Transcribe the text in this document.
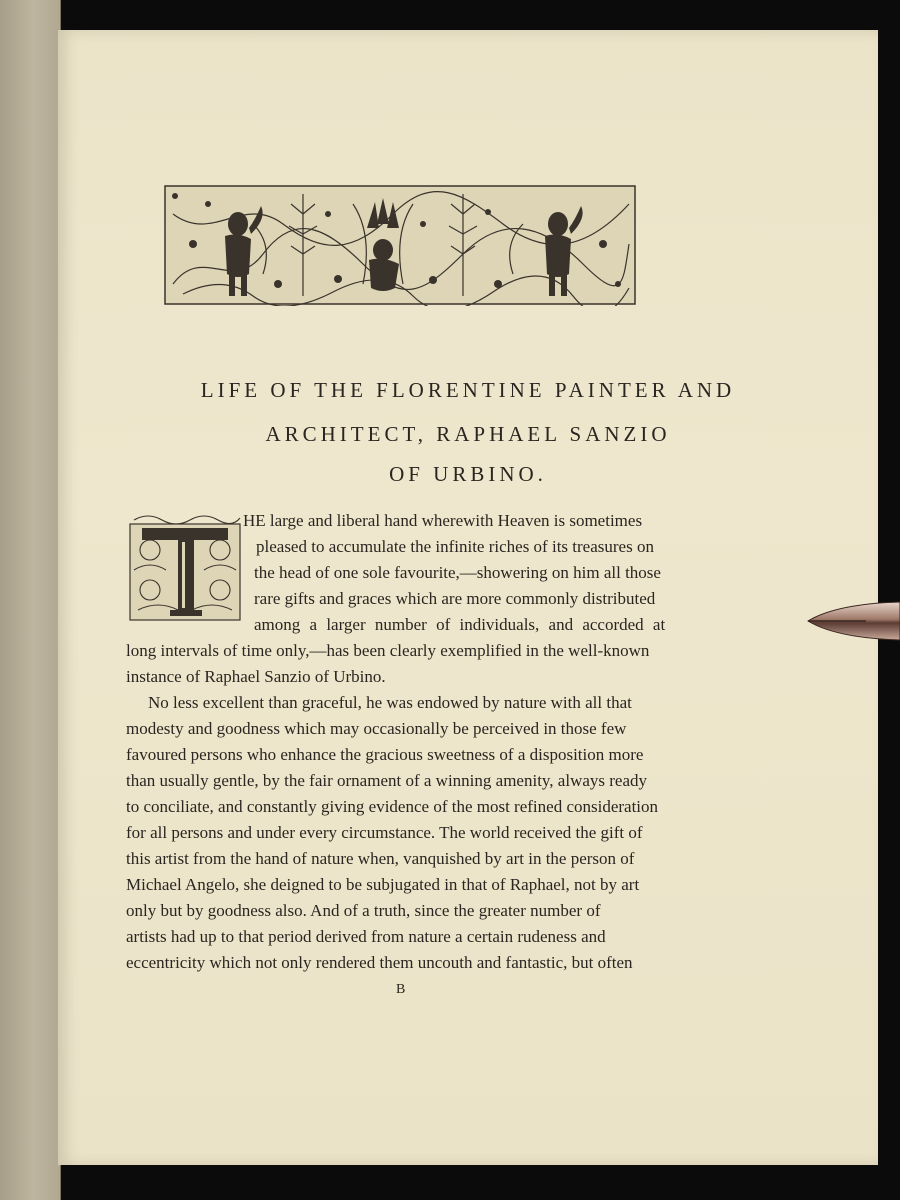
LIFE OF THE FLORENTINE PAINTER AND
ARCHITECT, RAPHAEL SANZIO
OF URBINO.
HE large and liberal hand wherewith Heaven is sometimes
pleased to accumulate the infinite riches of its treasures on
the head of one sole favourite,—showering on him all those
rare gifts and graces which are more commonly distributed
among a larger number of individuals, and accorded at
long intervals of time only,—has been clearly exemplified in the well-known
instance of Raphael Sanzio of Urbino.
No less excellent than graceful, he was endowed by nature with all that
modesty and goodness which may occasionally be perceived in those few
favoured persons who enhance the gracious sweetness of a disposition more
than usually gentle, by the fair ornament of a winning amenity, always ready
to conciliate, and constantly giving evidence of the most refined consideration
for all persons and under every circumstance. The world received the gift of
this artist from the hand of nature when, vanquished by art in the person of
Michael Angelo, she deigned to be subjugated in that of Raphael, not by art
only but by goodness also. And of a truth, since the greater number of
artists had up to that period derived from nature a certain rudeness and
eccentricity which not only rendered them uncouth and fantastic, but often
B
